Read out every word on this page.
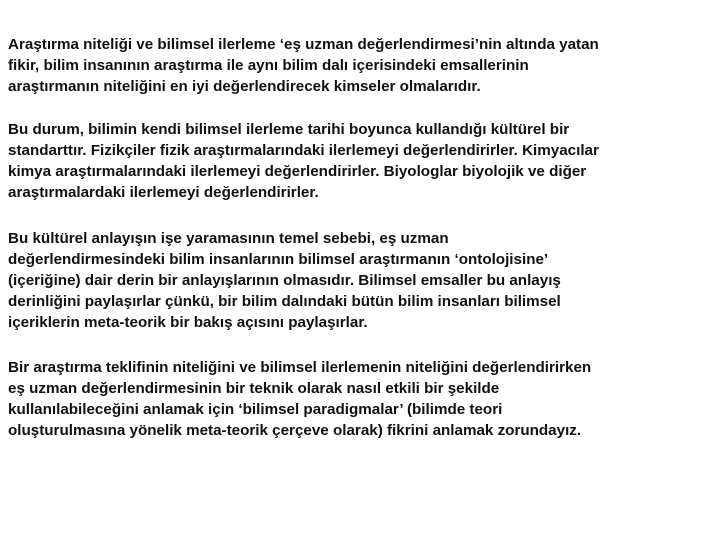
Araştırma niteliği ve bilimsel ilerleme ‘eş uzman değerlendirmesi’nin altında yatan
fikir, bilim insanının araştırma ile aynı bilim dalı içerisindeki emsallerinin
araştırmanın niteliğini en iyi değerlendirecek kimseler olmalarıdır.

Bu durum, bilimin kendi bilimsel ilerleme tarihi boyunca kullandığı kültürel bir
standarttır. Fizikçiler fizik araştırmalarındaki ilerlemeyi değerlendirirler. Kimyacılar
kimya araştırmalarındaki ilerlemeyi değerlendirirler. Biyologlar biyolojik ve diğer
araştırmalardaki ilerlemeyi değerlendirirler.

Bu kültürel anlayışın işe yaramasının temel sebebi, eş uzman
değerlendirmesindeki bilim insanlarının bilimsel araştırmanın ‘ontolojisine’
(içeriğine) dair derin bir anlayışlarının olmasıdır. Bilimsel emsaller bu anlayış
derinliğini paylaşırlar çünkü, bir bilim dalındaki bütün bilim insanları bilimsel
içeriklerin meta-teorik bir bakış açısını paylaşırlar.

Bir araştırma teklifinin niteliğini ve bilimsel ilerlemenin niteliğini değerlendirirken
eş uzman değerlendirmesinin bir teknik olarak nasıl etkili bir şekilde
kullanılabileceğini anlamak için ‘bilimsel paradigmalar’ (bilimde teori
oluşturulmasına yönelik meta-teorik çerçeve olarak) fikrini anlamak zorundayız.
